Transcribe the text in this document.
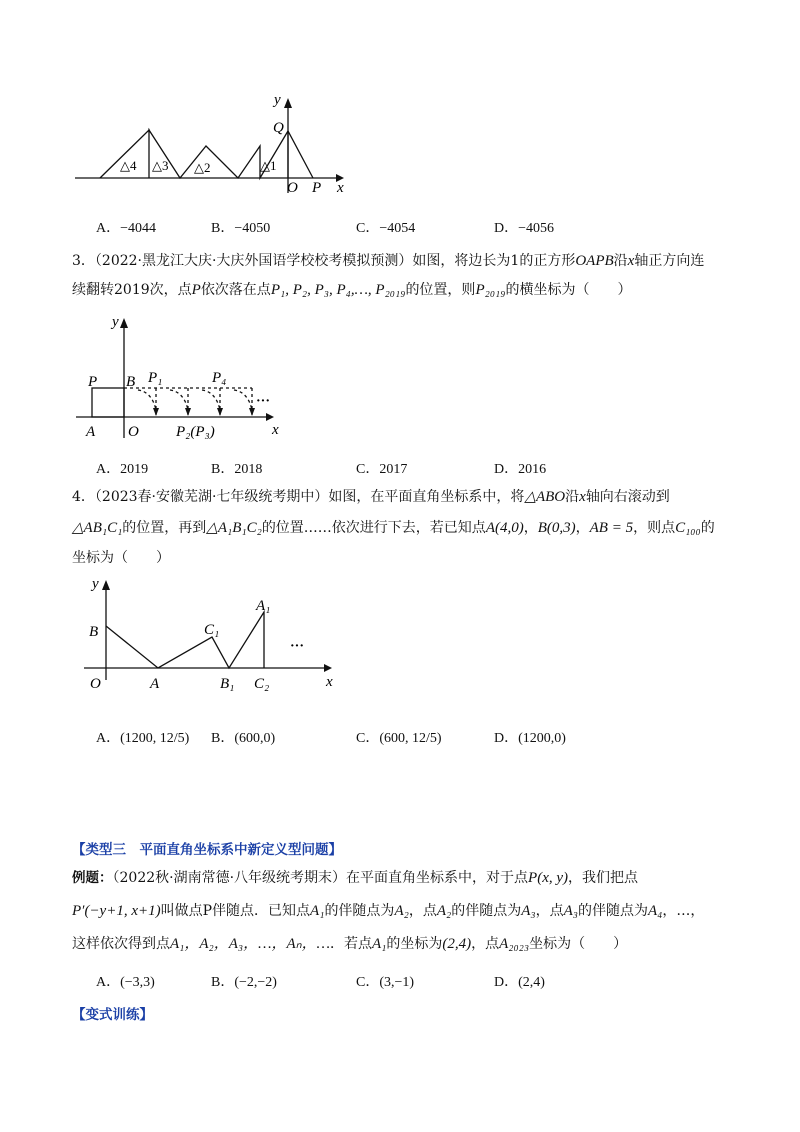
y
Q
O P x
△4 △3 △2	△1
A．−4044	B．−4050	C．−4054	D．−4056
3．（2022·黑龙江大庆·大庆外国语学校校考模拟预测）如图，将边长为1的正方形OAPB沿x轴正方向连
续翻转2019次，点P依次落在点P₁, P₂, P₃, P₄,…, P₂₀₁₉的位置，则P₂₀₁₉的横坐标为（　　）
y
P B P₁	P₄
···
A O P₂(P₃)	x
A．2019	B．2018	C．2017	D．2016
4．（2023春·安徽芜湖·七年级统考期中）如图，在平面直角坐标系中，将△ABO沿x轴向右滚动到
△AB₁C₁的位置，再到△A₁B₁C₂的位置……依次进行下去，若已知点A(4,0)，B(0,3)，AB = 5，则点C₁₀₀的
坐标为（　　）
y
B
O	A
C₁
B₁ C₂
A₁
···
x
A．(1200, 12/5) B．(600,0)	C．(600, 12/5)	D．(1200,0)
【类型三　平面直角坐标系中新定义型问题】
例题：（2022秋·湖南常德·八年级统考期末）在平面直角坐标系中，对于点P(x, y)，我们把点
P′(−y+1, x+1)叫做点P伴随点．已知点A₁的伴随点为A₂，点A₂的伴随点为A₃，点A₃的伴随点为A₄，…，
这样依次得到点A₁，A₂，A₃，…，Aₙ，…．若点A₁的坐标为(2,4)，点A₂₀₂₃坐标为（　　）
A．(−3,3)	B．(−2,−2)	C．(3,−1)	D．(2,4)
【变式训练】
